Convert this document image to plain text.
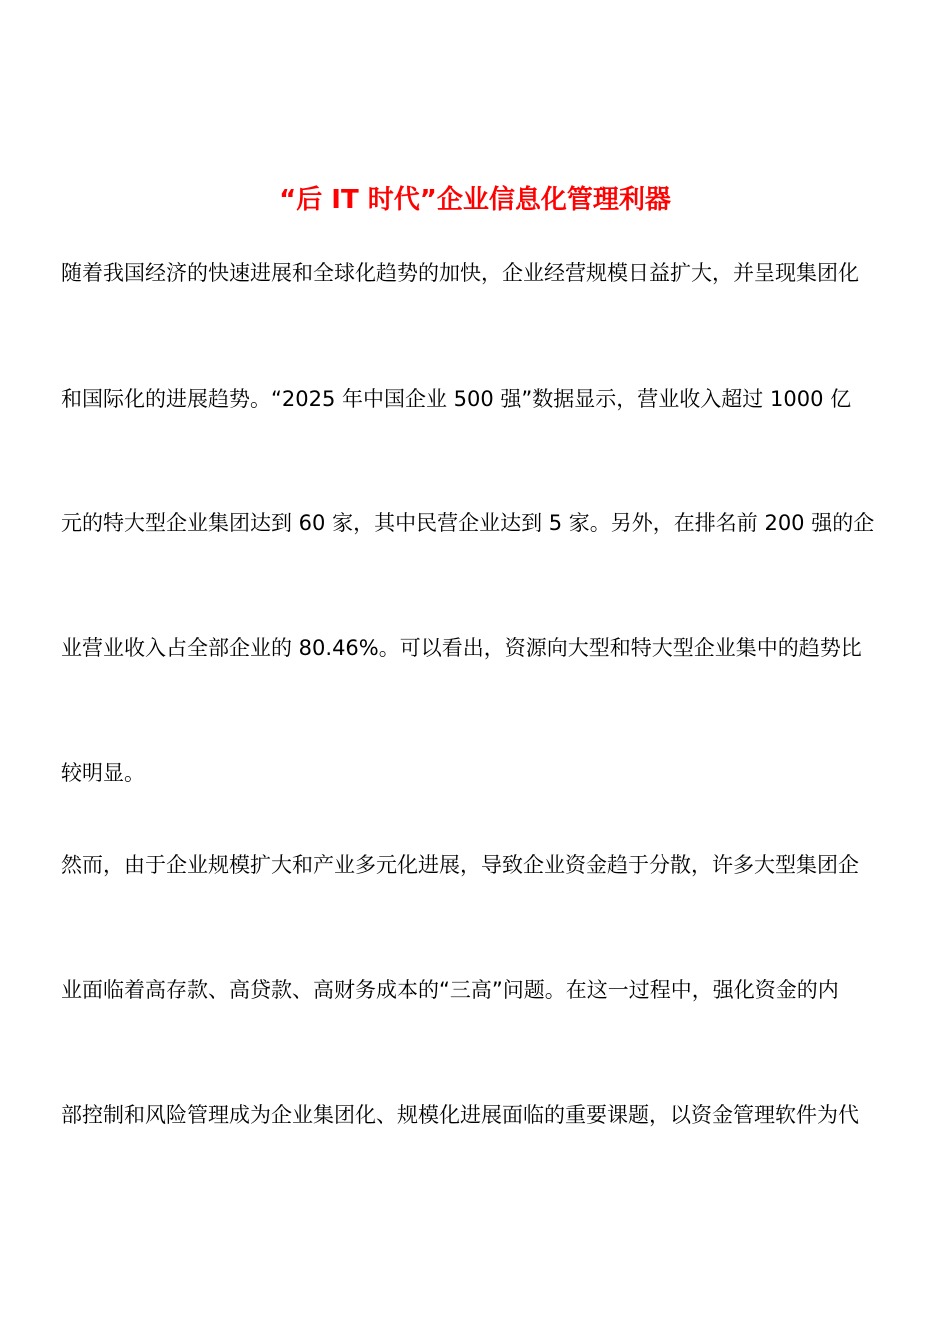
“后 IT 时代”企业信息化管理利器
随着我国经济的快速进展和全球化趋势的加快，企业经营规模日益扩大，并呈现集团化
和国际化的进展趋势。“2025 年中国企业 500 强”数据显示，营业收入超过 1000 亿
元的特大型企业集团达到 60 家，其中民营企业达到 5 家。另外，在排名前 200 强的企
业营业收入占全部企业的 80.46%。可以看出，资源向大型和特大型企业集中的趋势比
较明显。
然而，由于企业规模扩大和产业多元化进展，导致企业资金趋于分散，许多大型集团企
业面临着高存款、高贷款、高财务成本的“三高”问题。在这一过程中，强化资金的内
部控制和风险管理成为企业集团化、规模化进展面临的重要课题，以资金管理软件为代
